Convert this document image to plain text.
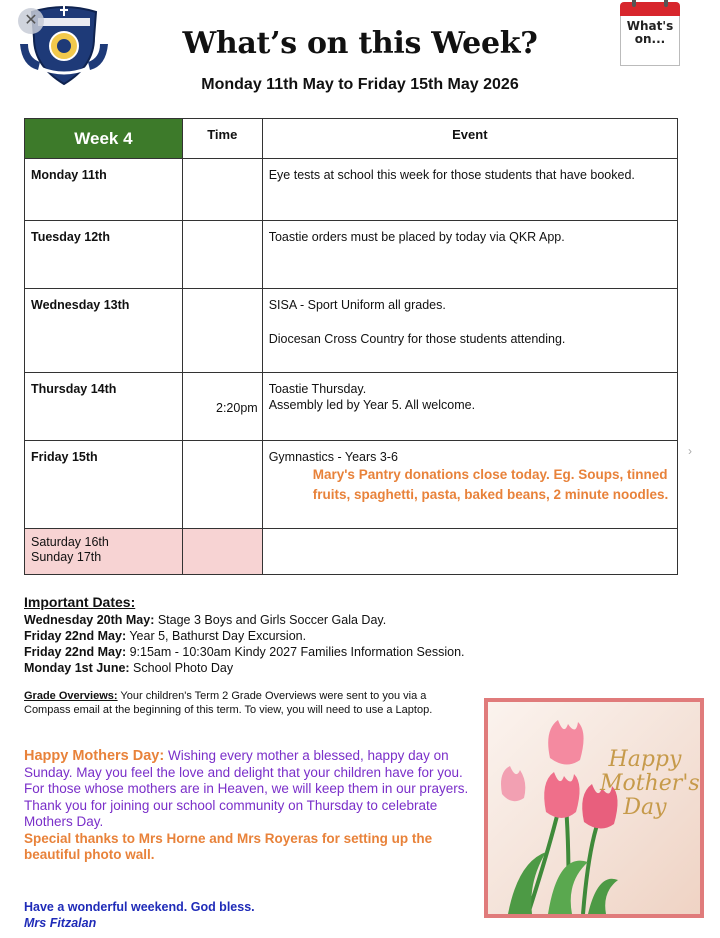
✕
What’s on this Week?
Monday 11th May to Friday 15th May 2026
What's on...
Week 4	Time	Event
Monday 11th		Eye tests at school this week for those students that have booked.

Tuesday 12th		Toastie orders must be placed by today via QKR App.

Wednesday 13th		SISA - Sport Uniform all grades.

Diocesan Cross Country for those students attending.

Thursday 14th	2:20pm	Toastie Thursday.
Assembly led by Year 5. All welcome.

Friday 15th		Gymnastics - Years 3-6
Mary's Pantry donations close today. Eg. Soups, tinned fruits, spaghetti, pasta, baked beans, 2 minute noodles.

Saturday 16th
Sunday 17th		

›
Important Dates:
Wednesday 20th May: Stage 3 Boys and Girls Soccer Gala Day.
Friday 22nd May: Year 5, Bathurst Day Excursion.
Friday 22nd May: 9:15am - 10:30am Kindy 2027 Families Information Session.
Monday 1st June: School Photo Day
Grade Overviews: Your children's Term 2 Grade Overviews were sent to you via a Compass email at the beginning of this term. To view, you will need to use a Laptop.
Happy Mothers Day: Wishing every mother a blessed, happy day on Sunday. May you feel the love and delight that your children have for you. For those whose mothers are in Heaven, we will keep them in our prayers. Thank you for joining our school community on Thursday to celebrate Mothers Day.
Special thanks to Mrs Horne and Mrs Royeras for setting up the beautiful photo wall.
Have a wonderful weekend. God bless.
Mrs Fitzalan
Happy
Mother's
Day
